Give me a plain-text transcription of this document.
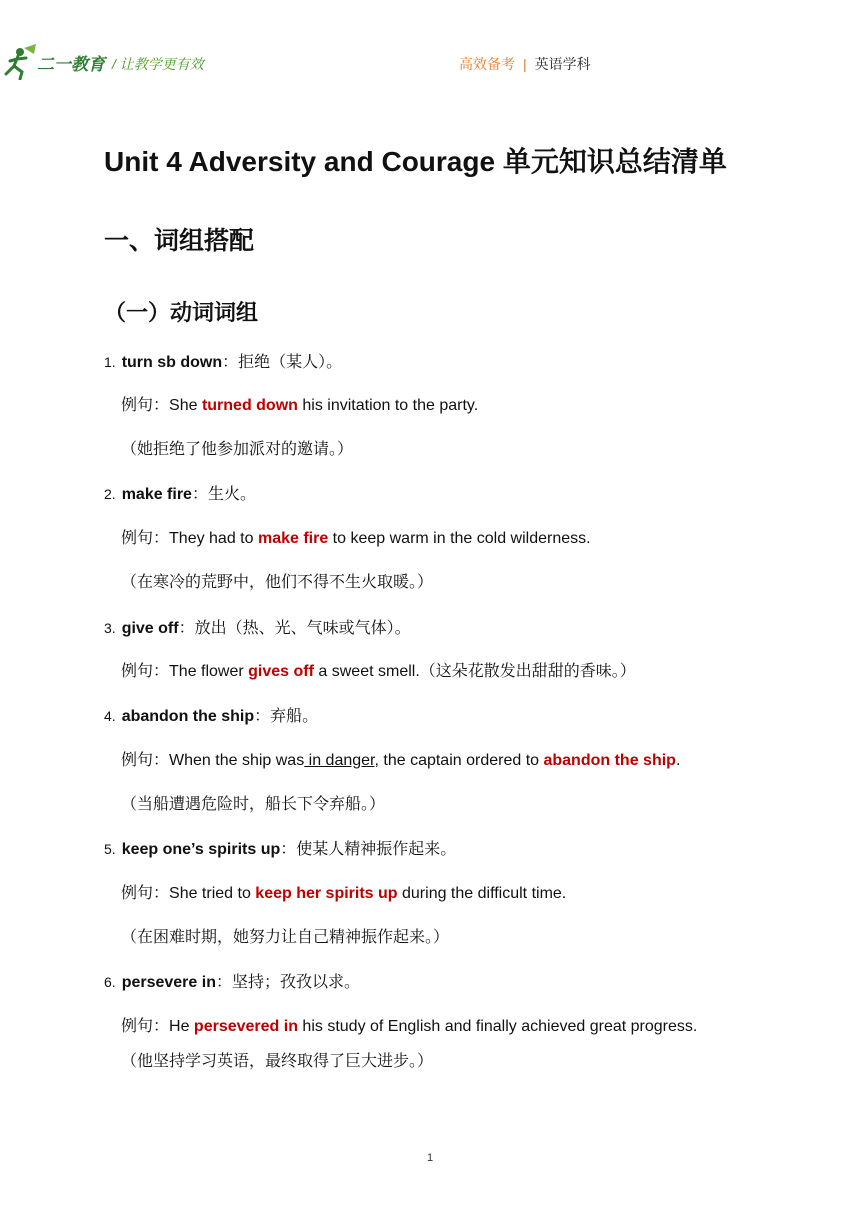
二一教育 / 让教学更有效	高效备考 | 英语学科
Unit 4 Adversity and Courage 单元知识总结清单
一、词组搭配
（一）动词词组
1. turn sb down：拒绝（某人）。
例句：She turned down his invitation to the party.
（她拒绝了他参加派对的邀请。）
2. make fire：生火。
例句：They had to make fire to keep warm in the cold wilderness.
（在寒冷的荒野中，他们不得不生火取暖。）
3. give off：放出（热、光、气味或气体）。
例句：The flower gives off a sweet smell.（这朵花散发出甜甜的香味。）
4. abandon the ship：弃船。
例句：When the ship was in danger, the captain ordered to abandon the ship.
（当船遭遇危险时，船长下令弃船。）
5. keep one’s spirits up：使某人精神振作起来。
例句：She tried to keep her spirits up during the difficult time.
（在困难时期，她努力让自己精神振作起来。）
6. persevere in：坚持；孜孜以求。
例句：He persevered in his study of English and finally achieved great progress.
（他坚持学习英语，最终取得了巨大进步。）
1
